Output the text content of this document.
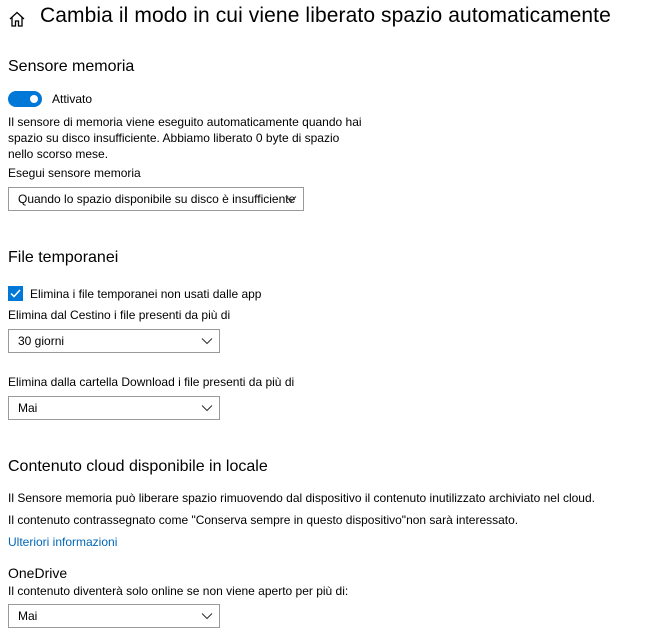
Cambia il modo in cui viene liberato spazio automaticamente
Sensore memoria
Attivato
Il sensore di memoria viene eseguito automaticamente quando hai
spazio su disco insufficiente. Abbiamo liberato 0 byte di spazio
nello scorso mese.
Esegui sensore memoria
Quando lo spazio disponibile su disco è insufficiente
File temporanei
Elimina i file temporanei non usati dalle app
Elimina dal Cestino i file presenti da più di
30 giorni
Elimina dalla cartella Download i file presenti da più di
Mai
Contenuto cloud disponibile in locale
Il Sensore memoria può liberare spazio rimuovendo dal dispositivo il contenuto inutilizzato archiviato nel cloud.
Il contenuto contrassegnato come "Conserva sempre in questo dispositivo"non sarà interessato.
Ulteriori informazioni
OneDrive
Il contenuto diventerà solo online se non viene aperto per più di:
Mai
